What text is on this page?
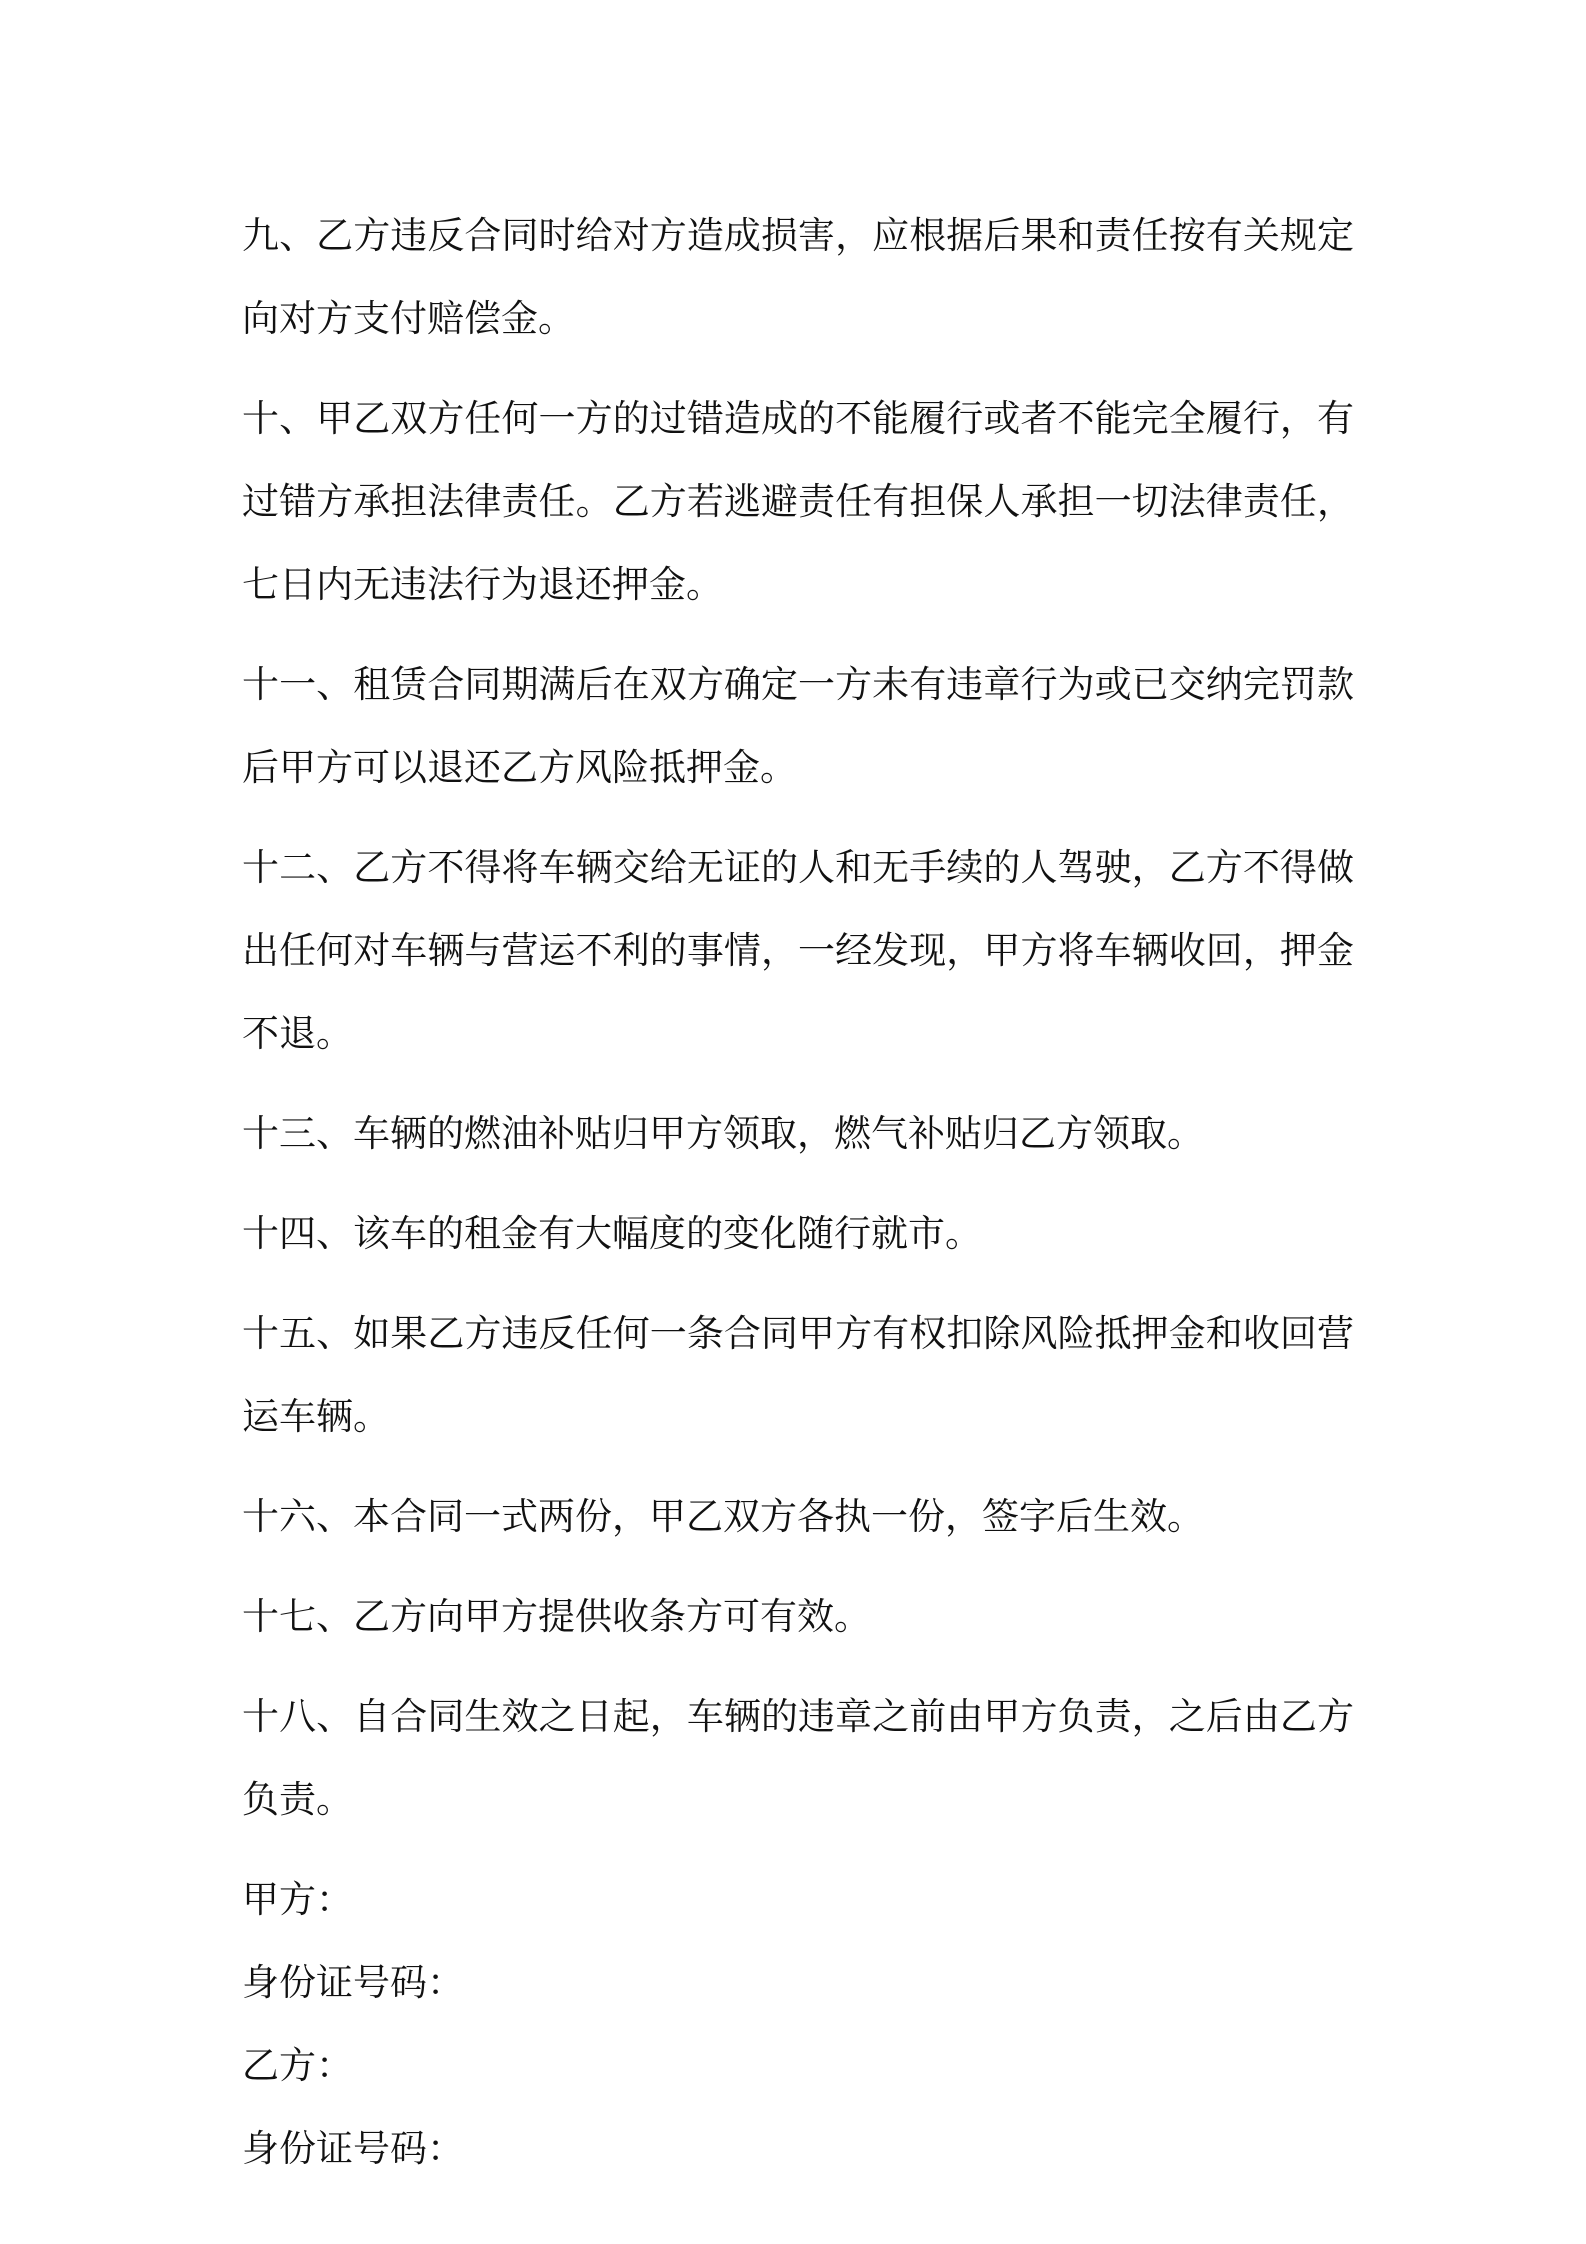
九、乙方违反合同时给对方造成损害，应根据后果和责任按有关规定向对方支付赔偿金。

十、甲乙双方任何一方的过错造成的不能履行或者不能完全履行，有过错方承担法律责任。乙方若逃避责任有担保人承担一切法律责任，七日内无违法行为退还押金。

十一、租赁合同期满后在双方确定一方未有违章行为或已交纳完罚款后甲方可以退还乙方风险抵押金。

十二、乙方不得将车辆交给无证的人和无手续的人驾驶，乙方不得做出任何对车辆与营运不利的事情，一经发现，甲方将车辆收回，押金不退。

十三、车辆的燃油补贴归甲方领取，燃气补贴归乙方领取。

十四、该车的租金有大幅度的变化随行就市。

十五、如果乙方违反任何一条合同甲方有权扣除风险抵押金和收回营运车辆。

十六、本合同一式两份，甲乙双方各执一份，签字后生效。

十七、乙方向甲方提供收条方可有效。

十八、自合同生效之日起，车辆的违章之前由甲方负责，之后由乙方负责。

甲方：

身份证号码：

乙方：

身份证号码：
